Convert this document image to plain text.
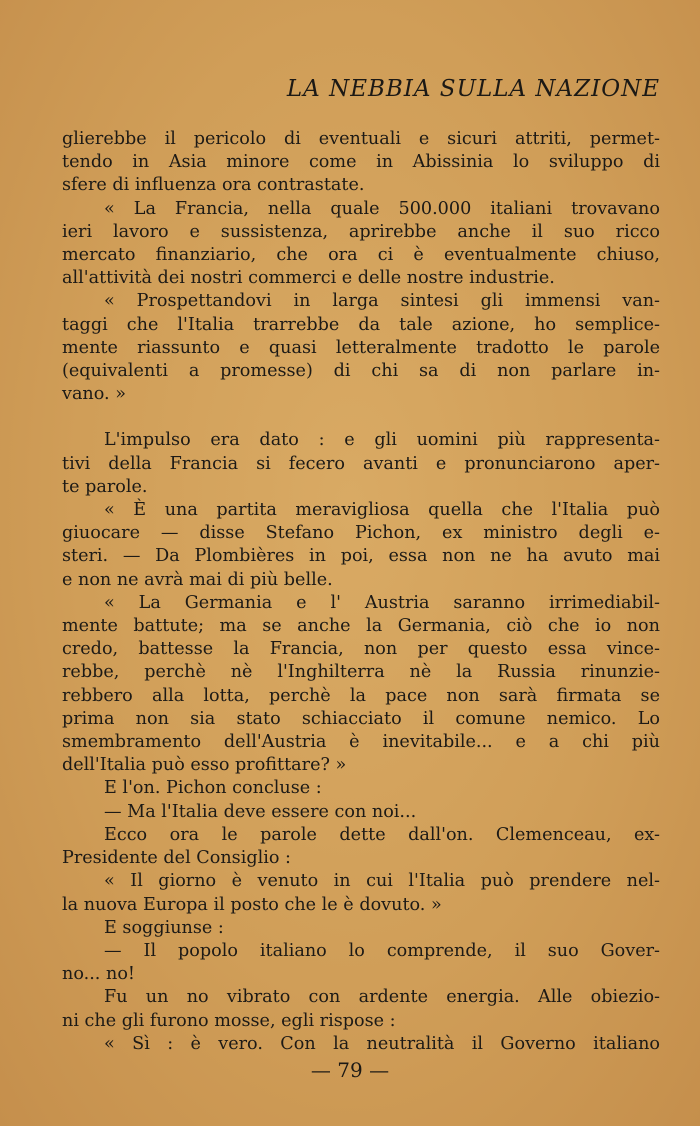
LA NEBBIA SULLA NAZIONE
glierebbe il pericolo di eventuali e sicuri attriti, permet-
tendo in Asia minore come in Abissinia lo sviluppo di
sfere di influenza ora contrastate.
« La Francia, nella quale 500.000 italiani trovavano
ieri lavoro e sussistenza, aprirebbe anche il suo ricco
mercato finanziario, che ora ci è eventualmente chiuso,
all'attività dei nostri commerci e delle nostre industrie.
« Prospettandovi in larga sintesi gli immensi van-
taggi che l'Italia trarrebbe da tale azione, ho semplice-
mente riassunto e quasi letteralmente tradotto le parole
(equivalenti a promesse) di chi sa di non parlare in-
vano. »
L'impulso era dato : e gli uomini più rappresenta-
tivi della Francia si fecero avanti e pronunciarono aper-
te parole.
« È una partita meravigliosa quella che l'Italia può
giuocare — disse Stefano Pichon, ex ministro degli e-
steri. — Da Plombières in poi, essa non ne ha avuto mai
e non ne avrà mai di più belle.
« La Germania e l' Austria saranno irrimediabil-
mente battute; ma se anche la Germania, ciò che io non
credo, battesse la Francia, non per questo essa vince-
rebbe, perchè nè l'Inghilterra nè la Russia rinunzie-
rebbero alla lotta, perchè la pace non sarà firmata se
prima non sia stato schiacciato il comune nemico. Lo
smembramento dell'Austria è inevitabile... e a chi più
dell'Italia può esso profittare? »
E l'on. Pichon concluse :
— Ma l'Italia deve essere con noi...
Ecco ora le parole dette dall'on. Clemenceau, ex-
Presidente del Consiglio :
« Il giorno è venuto in cui l'Italia può prendere nel-
la nuova Europa il posto che le è dovuto. »
E soggiunse :
— Il popolo italiano lo comprende, il suo Gover-
no... no!
Fu un no vibrato con ardente energia. Alle obiezio-
ni che gli furono mosse, egli rispose :
« Sì : è vero. Con la neutralità il Governo italiano
— 79 —
